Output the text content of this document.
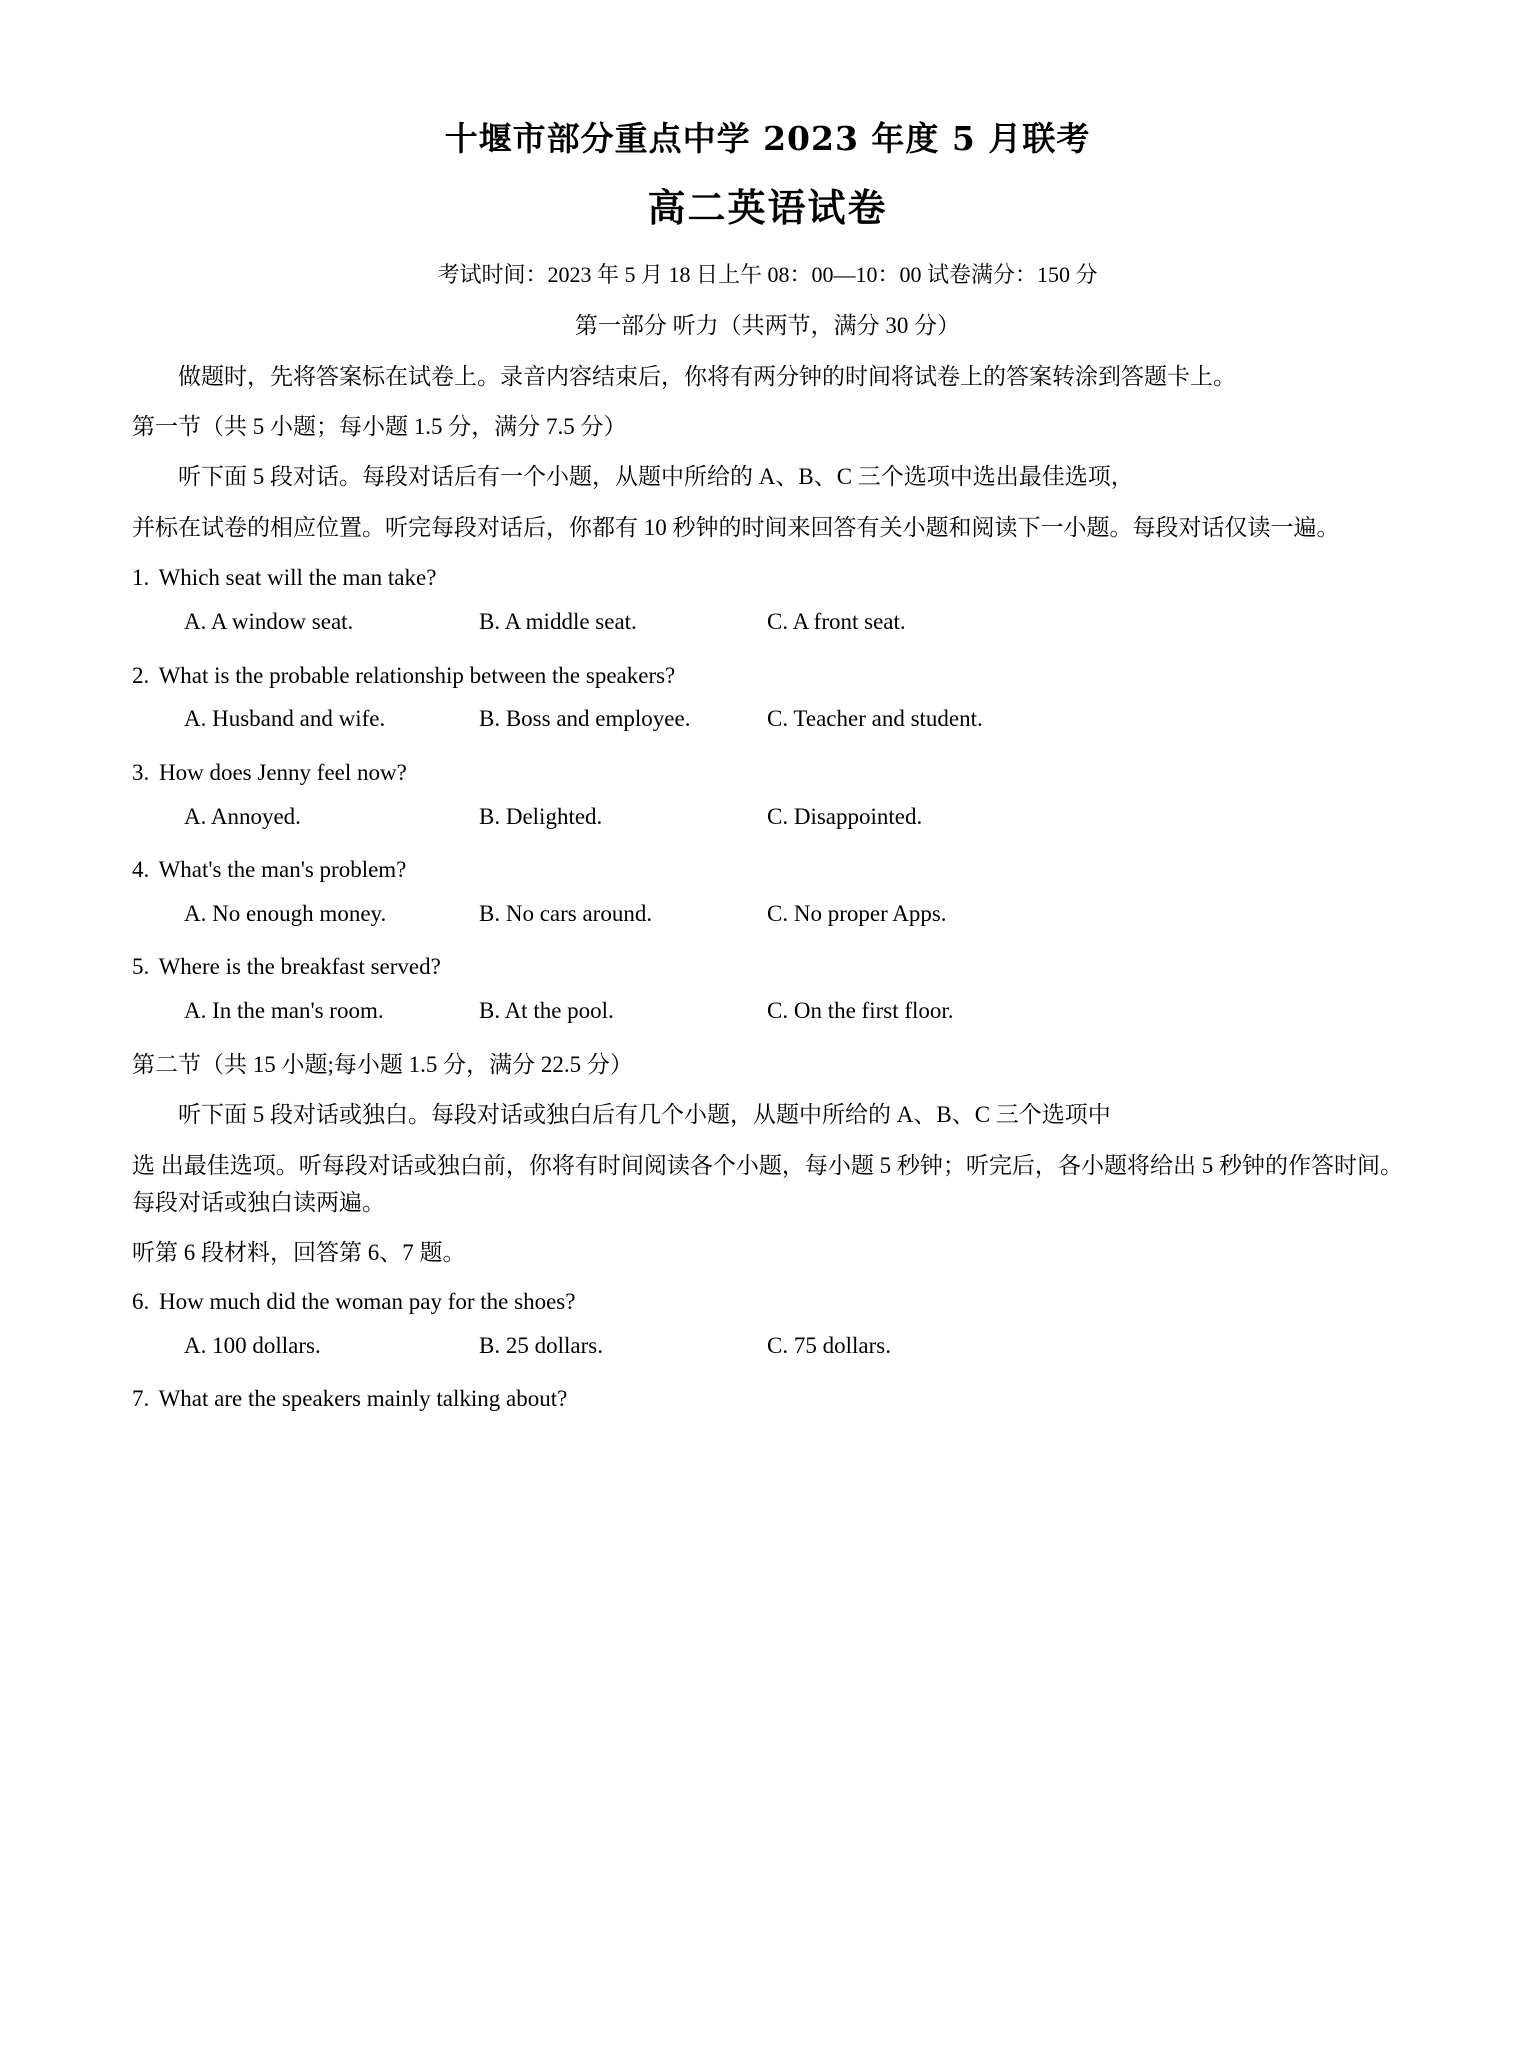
十堰市部分重点中学 2023 年度 5 月联考
高二英语试卷
考试时间：2023 年 5 月 18 日上午 08：00—10：00 试卷满分：150 分
第一部分 听力（共两节，满分 30 分）

做题时，先将答案标在试卷上。录音内容结束后，你将有两分钟的时间将试卷上的答案转涂到答题卡上。

第一节（共 5 小题；每小题 1.5 分，满分 7.5 分）

听下面 5 段对话。每段对话后有一个小题，从题中所给的 A、B、C 三个选项中选出最佳选项，

并标在试卷的相应位置。听完每段对话后，你都有 10 秒钟的时间来回答有关小题和阅读下一小题。每段对话仅读一遍。

1. Which seat will the man take?

A. A window seat.	B. A middle seat.	C. A front seat.

2. What is the probable relationship between the speakers?

A. Husband and wife.	B. Boss and employee.	C. Teacher and student.

3. How does Jenny feel now?

A. Annoyed.	B. Delighted.	C. Disappointed.

4. What's the man's problem?

A. No enough money.	B. No cars around.	C. No proper Apps.

5. Where is the breakfast served?

A. In the man's room.	B. At the pool.	C. On the first floor.

第二节（共 15 小题;每小题 1.5 分，满分 22.5 分）

听下面 5 段对话或独白。每段对话或独白后有几个小题，从题中所给的 A、B、C 三个选项中

选 出最佳选项。听每段对话或独白前，你将有时间阅读各个小题，每小题 5 秒钟；听完后，各小题将给出 5 秒钟的作答时间。每段对话或独白读两遍。

听第 6 段材料，回答第 6、7 题。

6. How much did the woman pay for the shoes?

A. 100 dollars.	B. 25 dollars.	C. 75 dollars.

7. What are the speakers mainly talking about?
